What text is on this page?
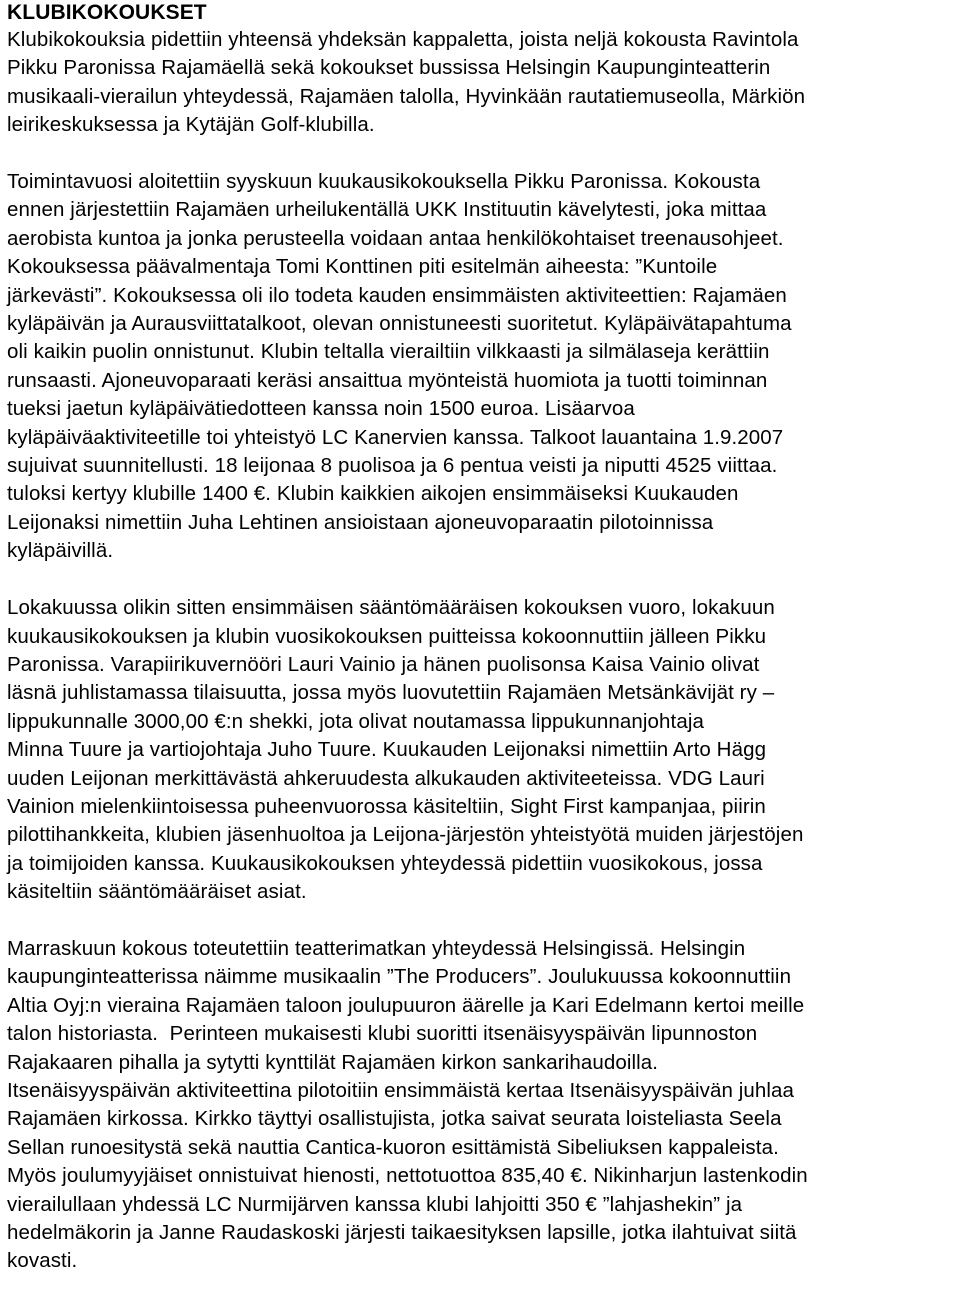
KLUBIKOKOUKSET

Klubikokouksia pidettiin yhteensä yhdeksän kappaletta, joista neljä kokousta Ravintola
Pikku Paronissa Rajamäellä sekä kokoukset bussissa Helsingin Kaupunginteatterin
musikaali-vierailun yhteydessä, Rajamäen talolla, Hyvinkään rautatiemuseolla, Märkiön
leirikeskuksessa ja Kytäjän Golf-klubilla.

Toimintavuosi aloitettiin syyskuun kuukausikokouksella Pikku Paronissa. Kokousta
ennen järjestettiin Rajamäen urheilukentällä UKK Instituutin kävelytesti, joka mittaa
aerobista kuntoa ja jonka perusteella voidaan antaa henkilökohtaiset treenausohjeet.
Kokouksessa päävalmentaja Tomi Konttinen piti esitelmän aiheesta: ”Kuntoile
järkevästi”. Kokouksessa oli ilo todeta kauden ensimmäisten aktiviteettien: Rajamäen
kyläpäivän ja Aurausviittatalkoot, olevan onnistuneesti suoritetut. Kyläpäivätapahtuma
oli kaikin puolin onnistunut. Klubin teltalla vierailtiin vilkkaasti ja silmälaseja kerättiin
runsaasti. Ajoneuvoparaati keräsi ansaittua myönteistä huomiota ja tuotti toiminnan
tueksi jaetun kyläpäivätiedotteen kanssa noin 1500 euroa. Lisäarvoa
kyläpäiväaktiviteetille toi yhteistyö LC Kanervien kanssa. Talkoot lauantaina 1.9.2007
sujuivat suunnitellusti. 18 leijonaa 8 puolisoa ja 6 pentua veisti ja niputti 4525 viittaa.
tuloksi kertyy klubille 1400 €. Klubin kaikkien aikojen ensimmäiseksi Kuukauden
Leijonaksi nimettiin Juha Lehtinen ansioistaan ajoneuvoparaatin pilotoinnissa
kyläpäivillä.

Lokakuussa olikin sitten ensimmäisen sääntömääräisen kokouksen vuoro, lokakuun
kuukausikokouksen ja klubin vuosikokouksen puitteissa kokoonnuttiin jälleen Pikku
Paronissa. Varapiirikuvernööri Lauri Vainio ja hänen puolisonsa Kaisa Vainio olivat
läsnä juhlistamassa tilaisuutta, jossa myös luovutettiin Rajamäen Metsänkävijät ry –
lippukunnalle 3000,00 €:n shekki, jota olivat noutamassa lippukunnanjohtaja
Minna Tuure ja vartiojohtaja Juho Tuure. Kuukauden Leijonaksi nimettiin Arto Hägg
uuden Leijonan merkittävästä ahkeruudesta alkukauden aktiviteeteissa. VDG Lauri
Vainion mielenkiintoisessa puheenvuorossa käsiteltiin, Sight First kampanjaa, piirin
pilottihankkeita, klubien jäsenhuoltoa ja Leijona-järjestön yhteistyötä muiden järjestöjen
ja toimijoiden kanssa. Kuukausikokouksen yhteydessä pidettiin vuosikokous, jossa
käsiteltiin sääntömääräiset asiat.

Marraskuun kokous toteutettiin teatterimatkan yhteydessä Helsingissä. Helsingin
kaupunginteatterissa näimme musikaalin ”The Producers”. Joulukuussa kokoonnuttiin
Altia Oyj:n vieraina Rajamäen taloon joulupuuron äärelle ja Kari Edelmann kertoi meille
talon historiasta.  Perinteen mukaisesti klubi suoritti itsenäisyyspäivän lipunnoston
Rajakaaren pihalla ja sytytti kynttilät Rajamäen kirkon sankarihaudoilla.
Itsenäisyyspäivän aktiviteettina pilotoitiin ensimmäistä kertaa Itsenäisyyspäivän juhlaa
Rajamäen kirkossa. Kirkko täyttyi osallistujista, jotka saivat seurata loisteliasta Seela
Sellan runoesitystä sekä nauttia Cantica-kuoron esittämistä Sibeliuksen kappaleista.
Myös joulumyyjäiset onnistuivat hienosti, nettotuottoa 835,40 €. Nikinharjun lastenkodin
vierailullaan yhdessä LC Nurmijärven kanssa klubi lahjoitti 350 € ”lahjashekin” ja
hedelmäkorin ja Janne Raudaskoski järjesti taikaesityksen lapsille, jotka ilahtuivat siitä
kovasti.
